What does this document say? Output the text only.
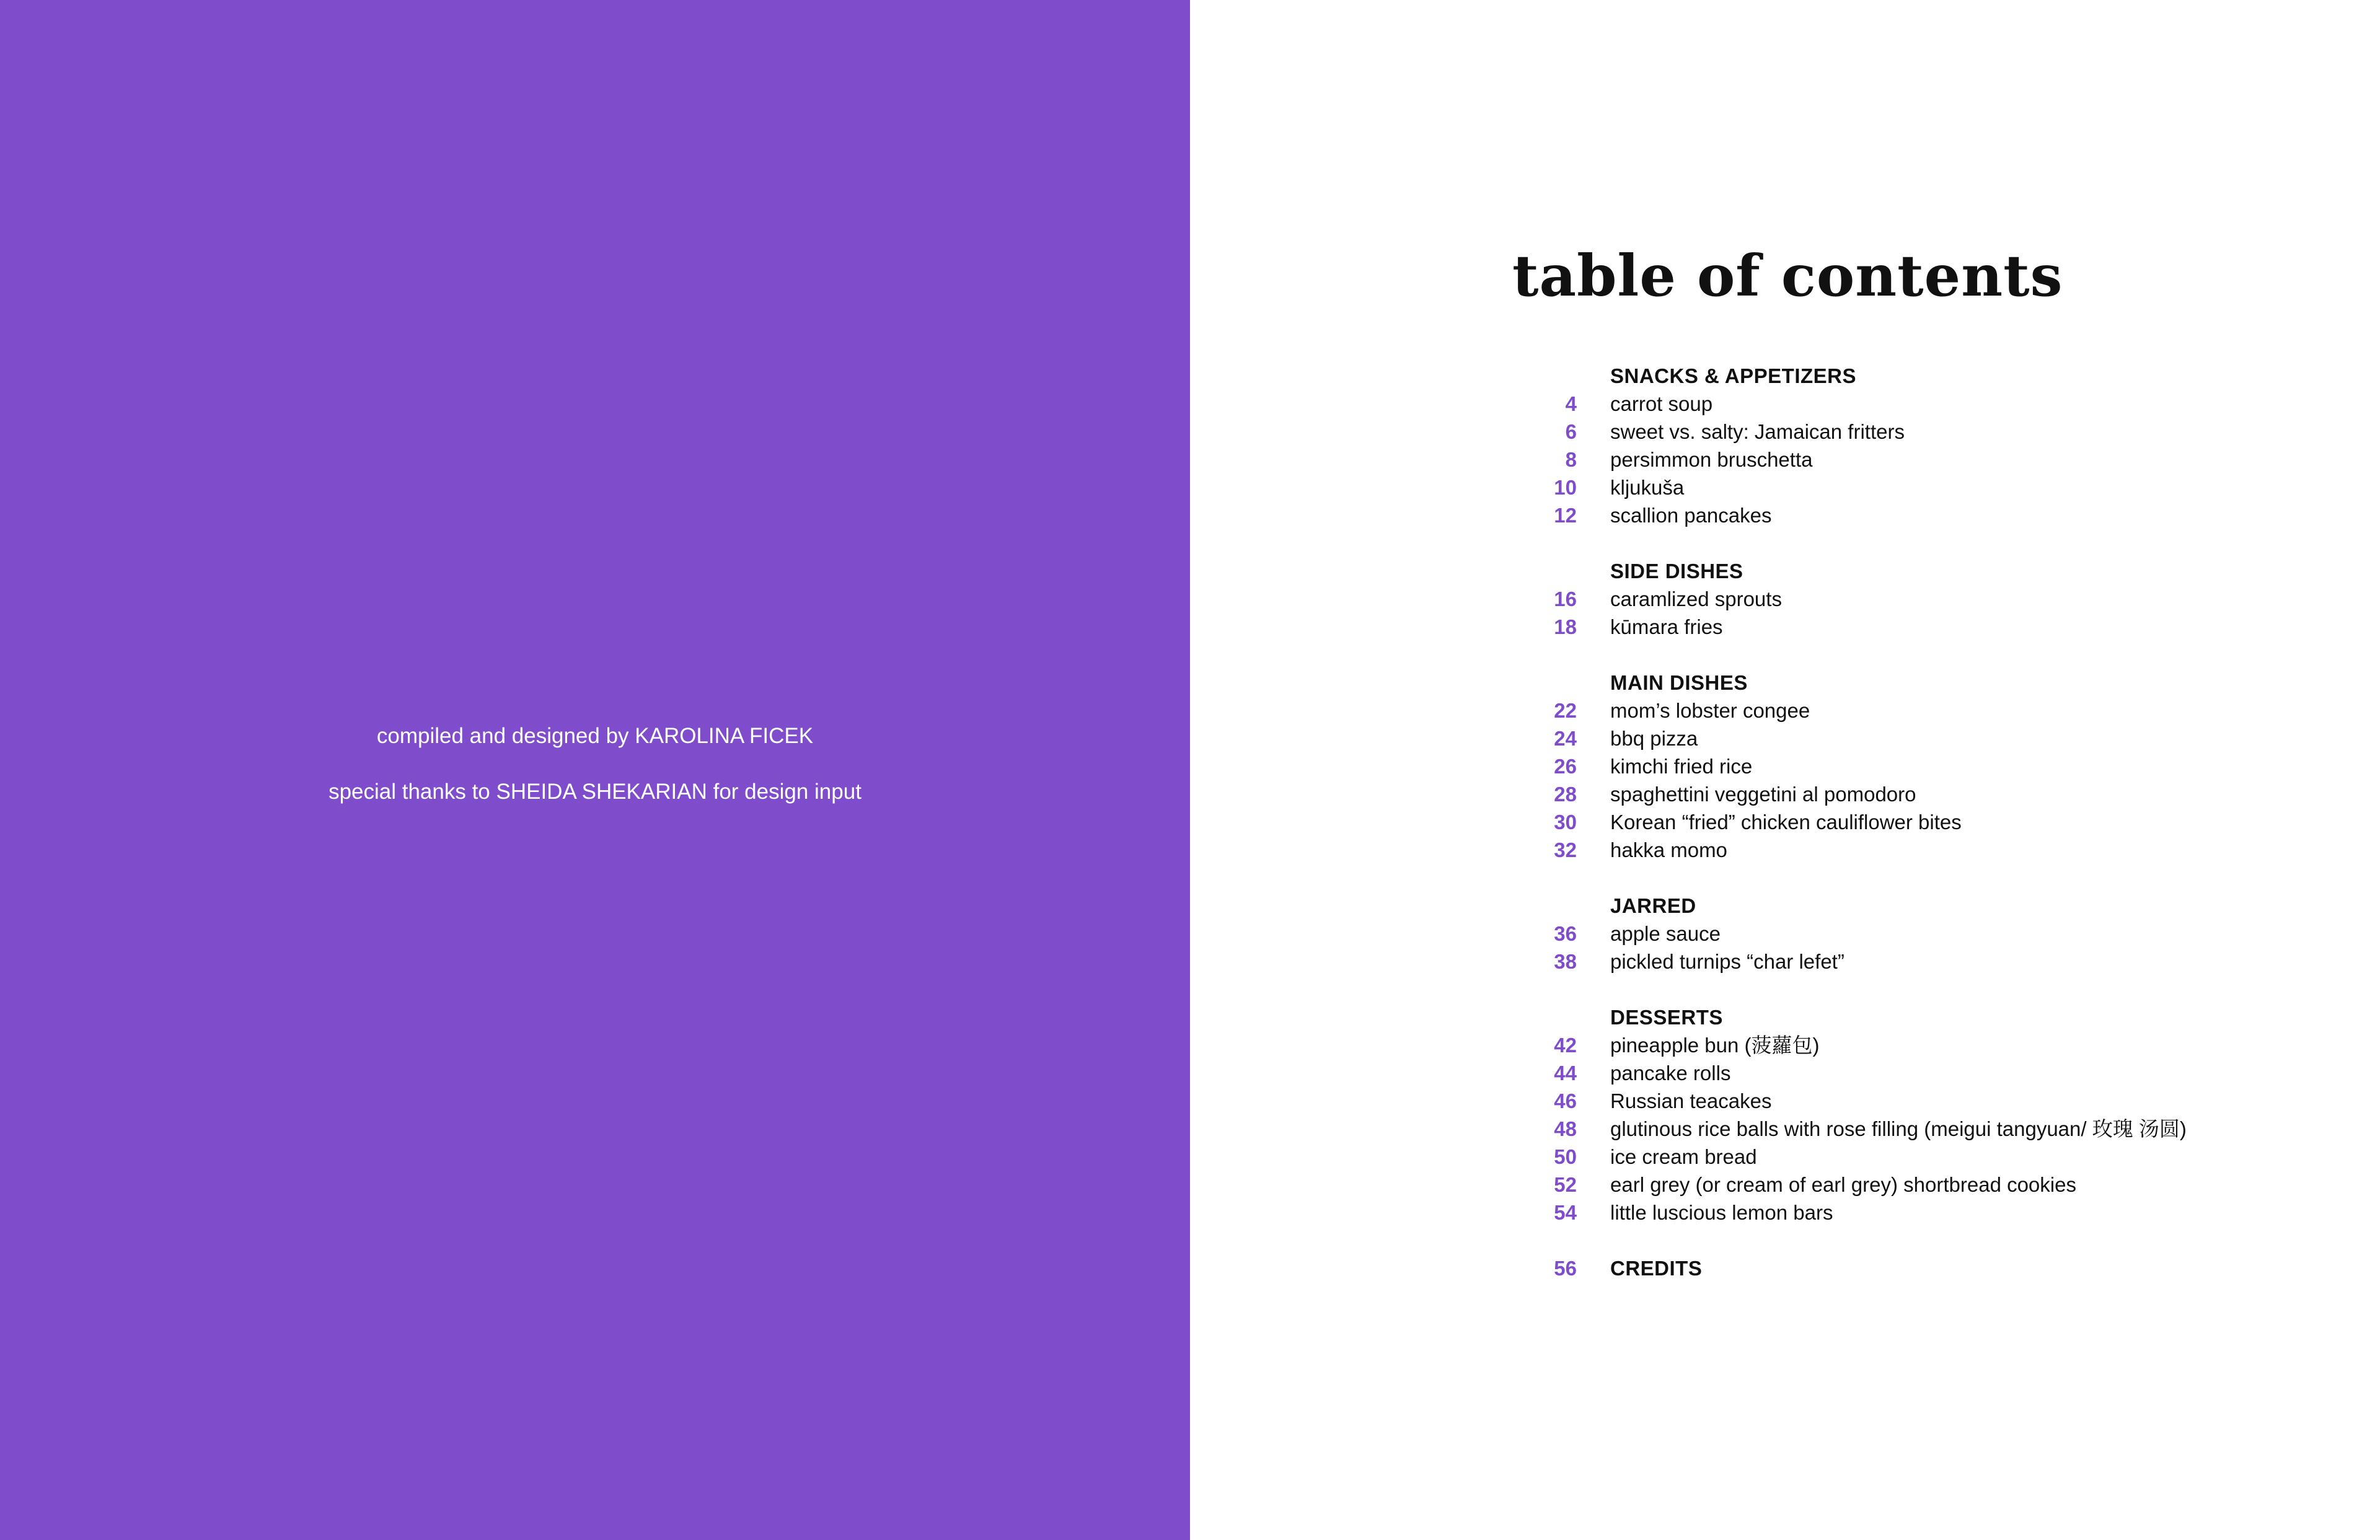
compiled and designed by KAROLINA FICEK
special thanks to SHEIDA SHEKARIAN for design input
table of contents
SNACKS & APPETIZERS
4 carrot soup
6 sweet vs. salty: Jamaican fritters
8 persimmon bruschetta
10 kljukuša
12 scallion pancakes
SIDE DISHES
16 caramlized sprouts
18 kūmara fries
MAIN DISHES
22 mom’s lobster congee
24 bbq pizza
26 kimchi fried rice
28 spaghettini veggetini al pomodoro
30 Korean “fried” chicken cauliflower bites
32 hakka momo
JARRED
36 apple sauce
38 pickled turnips “char lefet”
DESSERTS
42 pineapple bun (菠蘿包)
44 pancake rolls
46 Russian teacakes
48 glutinous rice balls with rose filling (meigui tangyuan/ 玫瑰 汤圆)
50 ice cream bread
52 earl grey (or cream of earl grey) shortbread cookies
54 little luscious lemon bars
56 CREDITS
